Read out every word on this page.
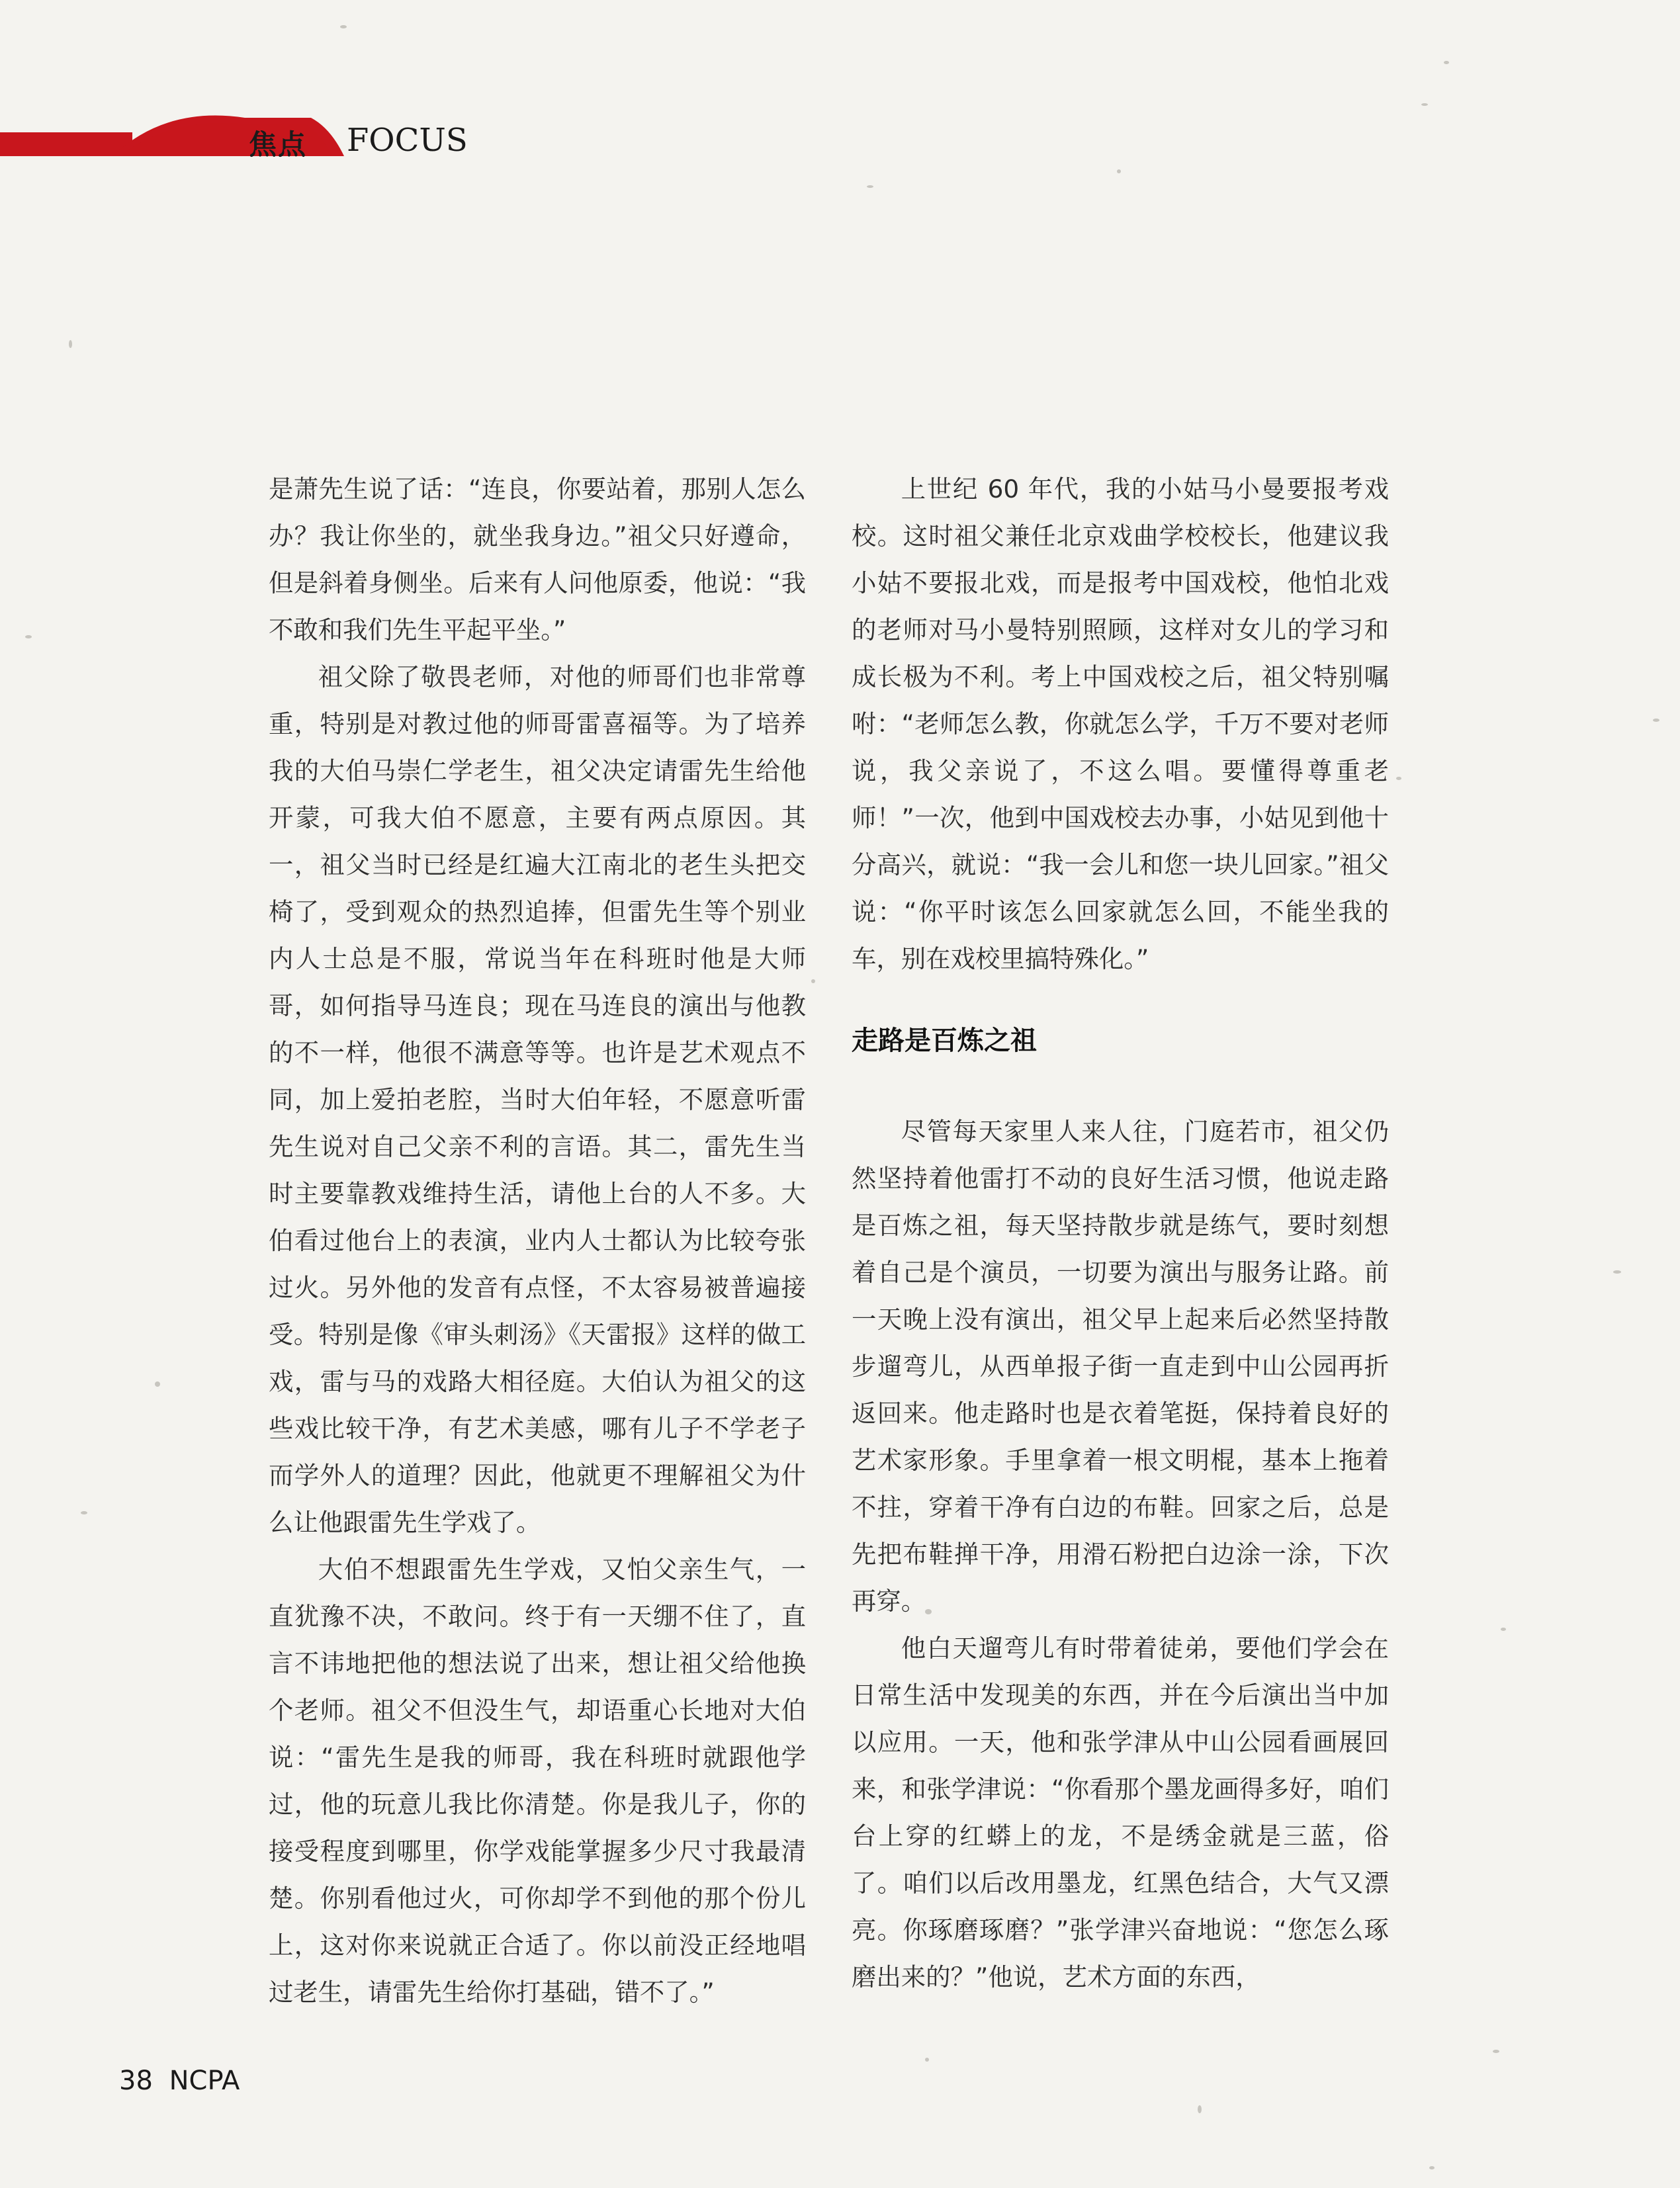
焦点 FOCUS

是萧先生说了话：“连良，你要站着，那别人怎么办？我让你坐的，就坐我身边。”祖父只好遵命，但是斜着身侧坐。后来有人问他原委，他说：“我不敢和我们先生平起平坐。”

祖父除了敬畏老师，对他的师哥们也非常尊重，特别是对教过他的师哥雷喜福等。为了培养我的大伯马崇仁学老生，祖父决定请雷先生给他开蒙，可我大伯不愿意，主要有两点原因。其一，祖父当时已经是红遍大江南北的老生头把交椅了，受到观众的热烈追捧，但雷先生等个别业内人士总是不服，常说当年在科班时他是大师哥，如何指导马连良；现在马连良的演出与他教的不一样，他很不满意等等。也许是艺术观点不同，加上爱拍老腔，当时大伯年轻，不愿意听雷先生说对自己父亲不利的言语。其二，雷先生当时主要靠教戏维持生活，请他上台的人不多。大伯看过他台上的表演，业内人士都认为比较夸张过火。另外他的发音有点怪，不太容易被普遍接受。特别是像《审头刺汤》《天雷报》这样的做工戏，雷与马的戏路大相径庭。大伯认为祖父的这些戏比较干净，有艺术美感，哪有儿子不学老子而学外人的道理？因此，他就更不理解祖父为什么让他跟雷先生学戏了。

大伯不想跟雷先生学戏，又怕父亲生气，一直犹豫不决，不敢问。终于有一天绷不住了，直言不讳地把他的想法说了出来，想让祖父给他换个老师。祖父不但没生气，却语重心长地对大伯说：“雷先生是我的师哥，我在科班时就跟他学过，他的玩意儿我比你清楚。你是我儿子，你的接受程度到哪里，你学戏能掌握多少尺寸我最清楚。你别看他过火，可你却学不到他的那个份儿上，这对你来说就正合适了。你以前没正经地唱过老生，请雷先生给你打基础，错不了。”

上世纪 60 年代，我的小姑马小曼要报考戏校。这时祖父兼任北京戏曲学校校长，他建议我小姑不要报北戏，而是报考中国戏校，他怕北戏的老师对马小曼特别照顾，这样对女儿的学习和成长极为不利。考上中国戏校之后，祖父特别嘱咐：“老师怎么教，你就怎么学，千万不要对老师说，我父亲说了，不这么唱。要懂得尊重老师！”一次，他到中国戏校去办事，小姑见到他十分高兴，就说：“我一会儿和您一块儿回家。”祖父说：“你平时该怎么回家就怎么回，不能坐我的车，别在戏校里搞特殊化。”

走路是百炼之祖

尽管每天家里人来人往，门庭若市，祖父仍然坚持着他雷打不动的良好生活习惯，他说走路是百炼之祖，每天坚持散步就是练气，要时刻想着自己是个演员，一切要为演出与服务让路。前一天晚上没有演出，祖父早上起来后必然坚持散步遛弯儿，从西单报子街一直走到中山公园再折返回来。他走路时也是衣着笔挺，保持着良好的艺术家形象。手里拿着一根文明棍，基本上拖着不拄，穿着干净有白边的布鞋。回家之后，总是先把布鞋掸干净，用滑石粉把白边涂一涂，下次再穿。

他白天遛弯儿有时带着徒弟，要他们学会在日常生活中发现美的东西，并在今后演出当中加以应用。一天，他和张学津从中山公园看画展回来，和张学津说：“你看那个墨龙画得多好，咱们台上穿的红蟒上的龙，不是绣金就是三蓝，俗了。咱们以后改用墨龙，红黑色结合，大气又漂亮。你琢磨琢磨？”张学津兴奋地说：“您怎么琢磨出来的？”他说，艺术方面的东西，

38 NCPA
